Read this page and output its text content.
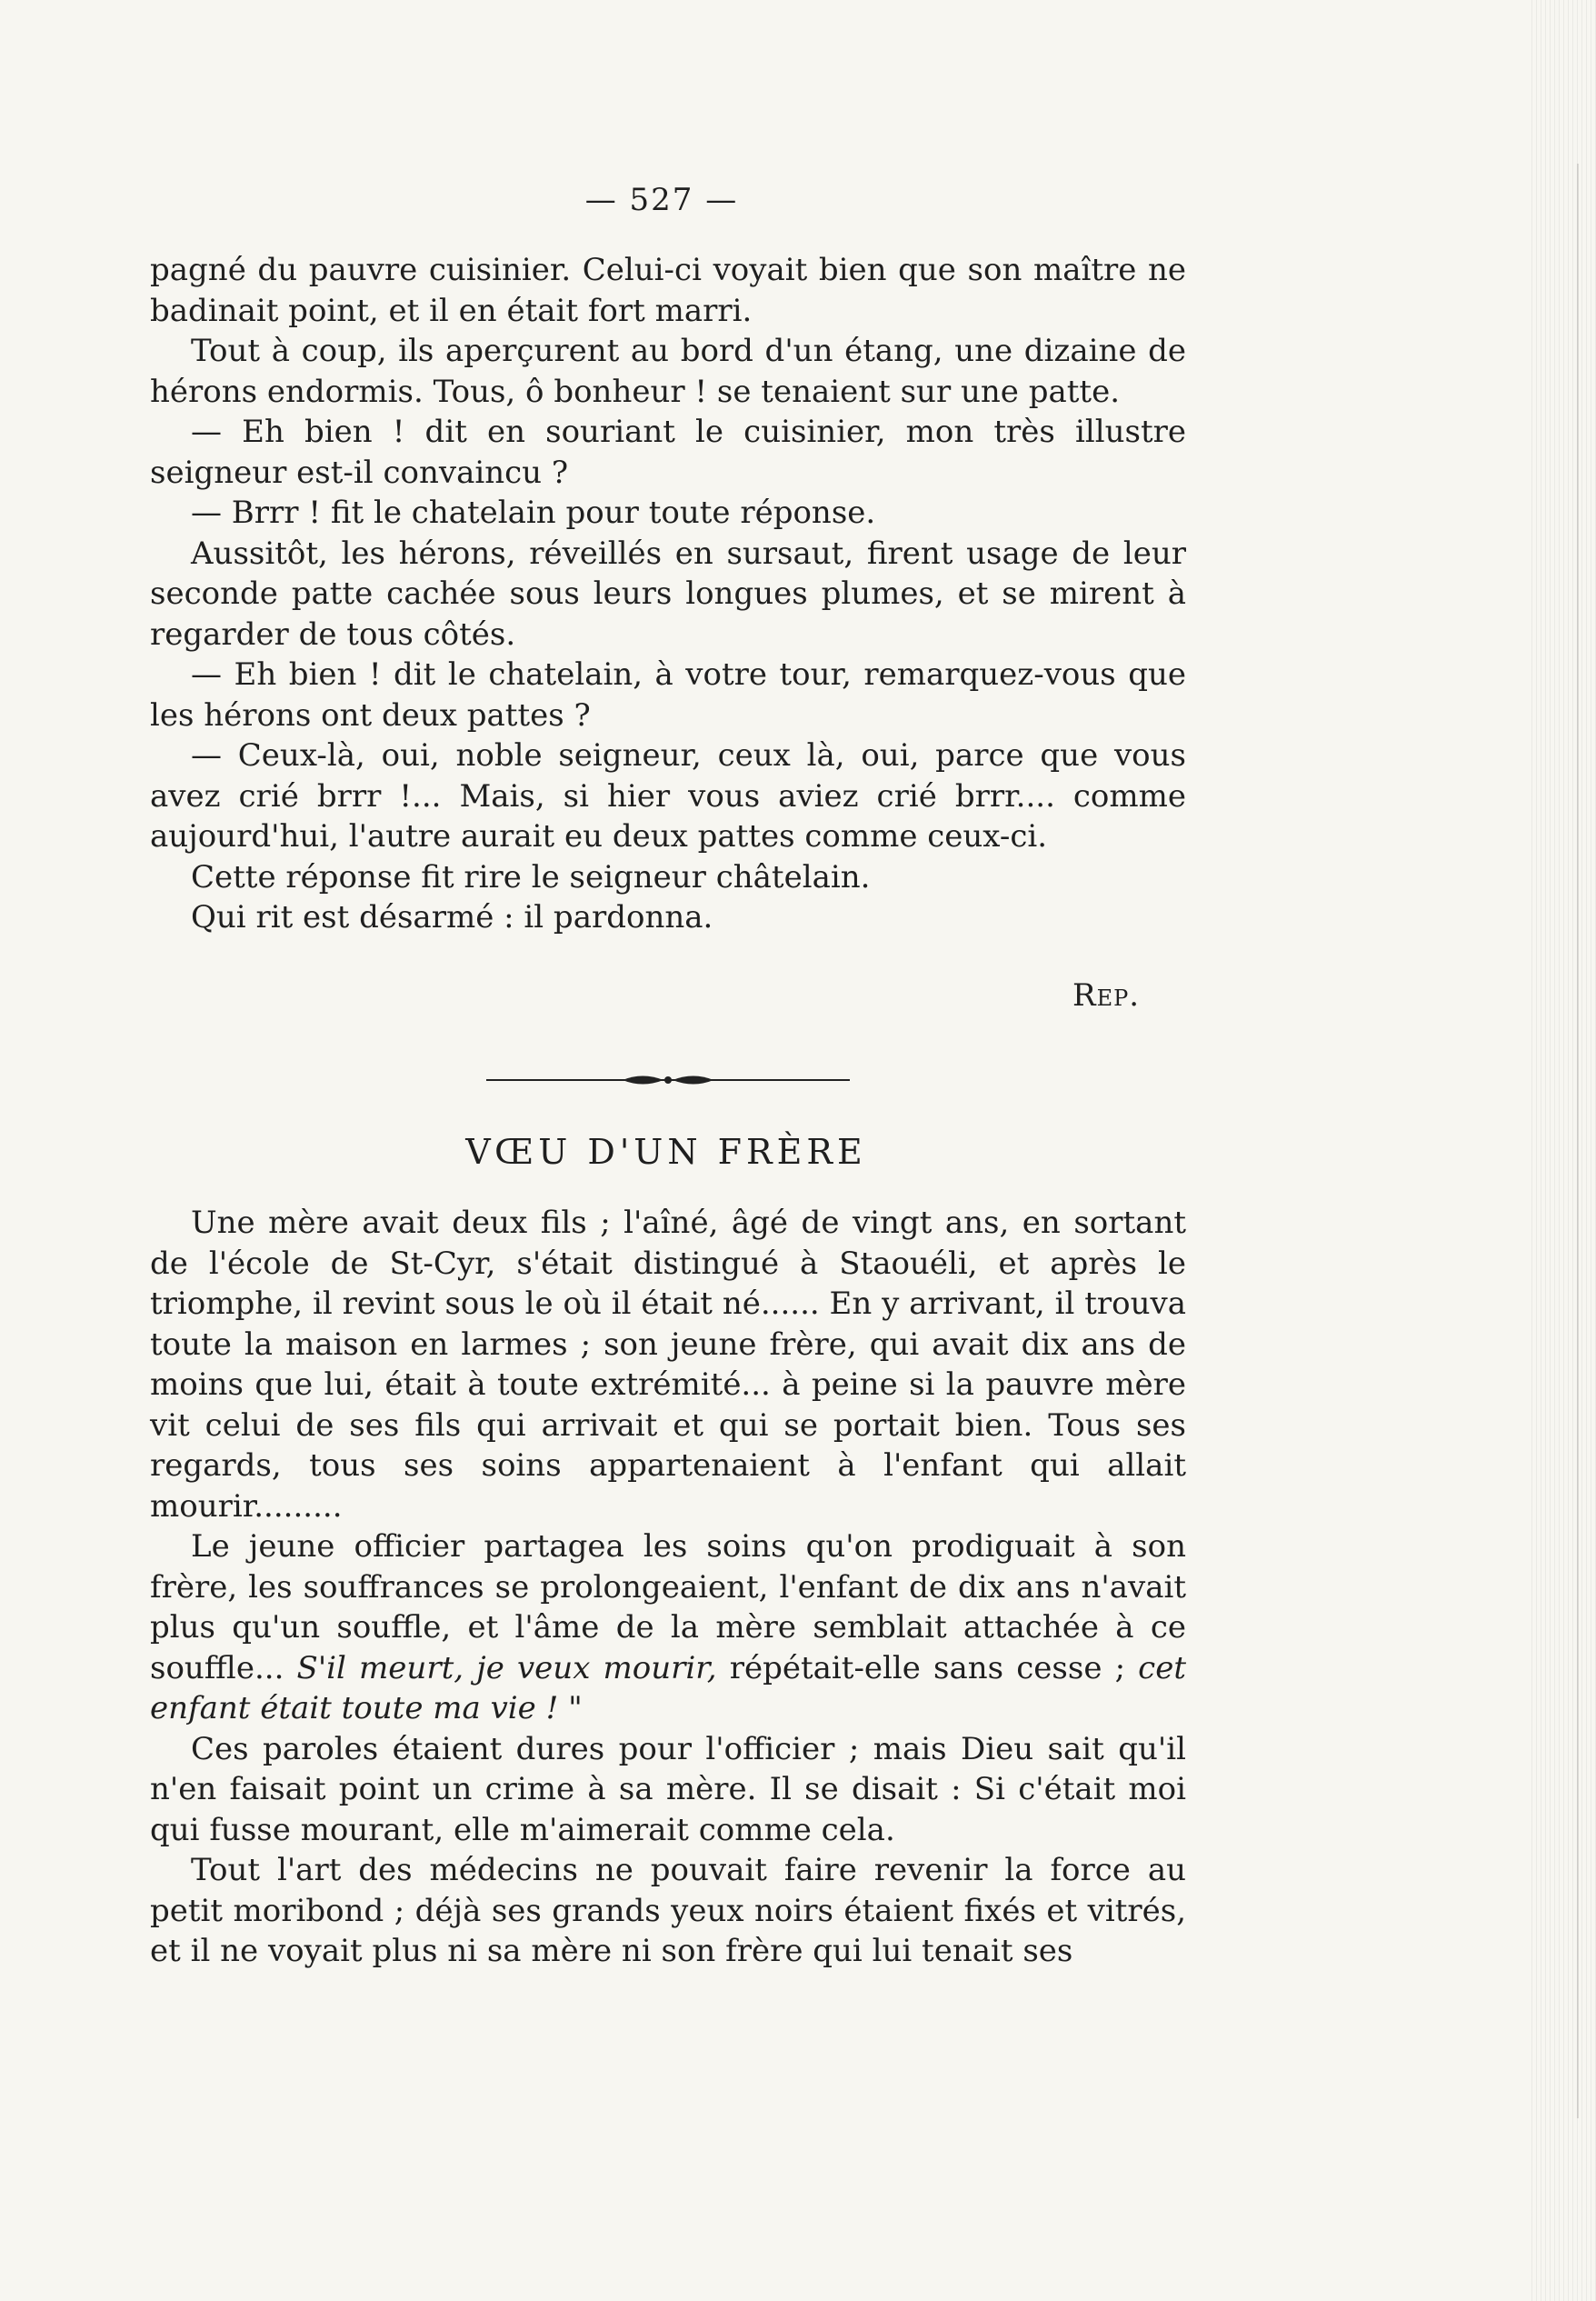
— 527 —

pagné du pauvre cuisinier. Celui-ci voyait bien que son maître ne badinait point, et il en était fort marri.

Tout à coup, ils aperçurent au bord d'un étang, une dizaine de hérons endormis. Tous, ô bonheur ! se tenaient sur une patte.

— Eh bien ! dit en souriant le cuisinier, mon très illustre seigneur est-il convaincu ?

— Brrr ! fit le chatelain pour toute réponse.

Aussitôt, les hérons, réveillés en sursaut, firent usage de leur seconde patte cachée sous leurs longues plumes, et se mirent à regarder de tous côtés.

— Eh bien ! dit le chatelain, à votre tour, remarquez-vous que les hérons ont deux pattes ?

— Ceux-là, oui, noble seigneur, ceux là, oui, parce que vous avez crié brrr !... Mais, si hier vous aviez crié brrr.... comme aujourd'hui, l'autre aurait eu deux pattes comme ceux-ci.

Cette réponse fit rire le seigneur châtelain.

Qui rit est désarmé : il pardonna.

Rep.
VŒU D'UN FRÈRE

Une mère avait deux fils ; l'aîné, âgé de vingt ans, en sortant de l'école de St-Cyr, s'était distingué à Staouéli, et après le triomphe, il revint sous le où il était né...... En y arrivant, il trouva toute la maison en larmes ; son jeune frère, qui avait dix ans de moins que lui, était à toute extrémité... à peine si la pauvre mère vit celui de ses fils qui arrivait et qui se portait bien. Tous ses regards, tous ses soins appartenaient à l'enfant qui allait mourir.........

Le jeune officier partagea les soins qu'on prodiguait à son frère, les souffrances se prolongeaient, l'enfant de dix ans n'avait plus qu'un souffle, et l'âme de la mère semblait attachée à ce souffle... S'il meurt, je veux mourir, répétait-elle sans cesse ; cet enfant était toute ma vie ! "

Ces paroles étaient dures pour l'officier ; mais Dieu sait qu'il n'en faisait point un crime à sa mère. Il se disait : Si c'était moi qui fusse mourant, elle m'aimerait comme cela.

Tout l'art des médecins ne pouvait faire revenir la force au petit moribond ; déjà ses grands yeux noirs étaient fixés et vitrés, et il ne voyait plus ni sa mère ni son frère qui lui tenait ses
